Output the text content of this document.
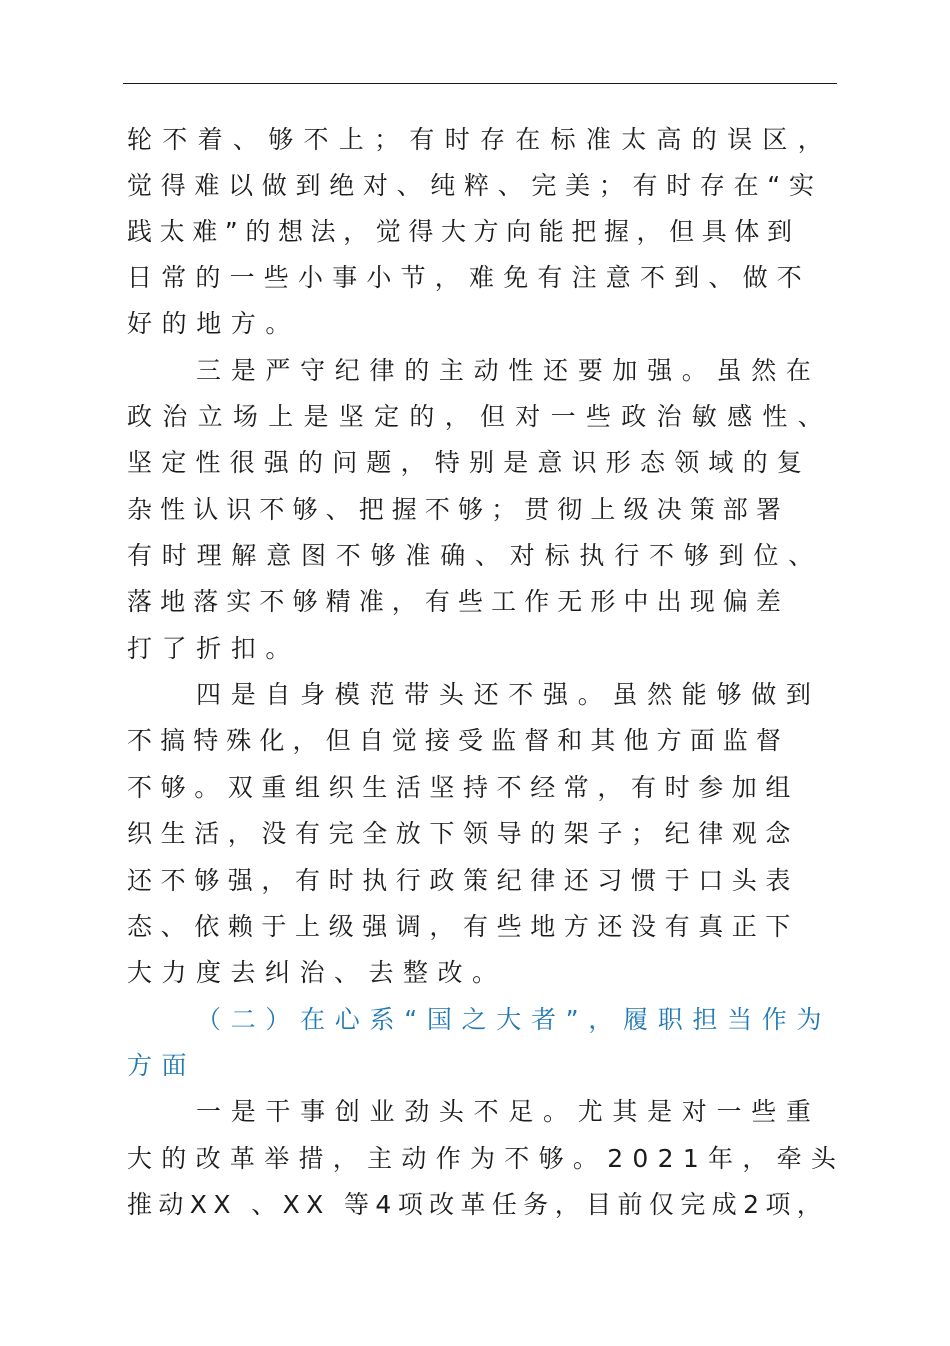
轮不着、够不上；有时存在标准太高的误区，
觉得难以做到绝对、纯粹、完美；有时存在“实
践太难”的想法，觉得大方向能把握，但具体到
日常的一些小事小节，难免有注意不到、做不
好的地方。
三是严守纪律的主动性还要加强。虽然在
政治立场上是坚定的，但对一些政治敏感性、
坚定性很强的问题，特别是意识形态领域的复
杂性认识不够、把握不够；贯彻上级决策部署
有时理解意图不够准确、对标执行不够到位、
落地落实不够精准，有些工作无形中出现偏差
打了折扣。
四是自身模范带头还不强。虽然能够做到
不搞特殊化，但自觉接受监督和其他方面监督
不够。双重组织生活坚持不经常，有时参加组
织生活，没有完全放下领导的架子；纪律观念
还不够强，有时执行政策纪律还习惯于口头表
态、依赖于上级强调，有些地方还没有真正下
大力度去纠治、去整改。
（二）在心系“国之大者”，履职担当作为
方面
一是干事创业劲头不足。尤其是对一些重
大的改革举措，主动作为不够。2021年，牵头
推动XX 、XX 等4项改革任务，目前仅完成2项，
